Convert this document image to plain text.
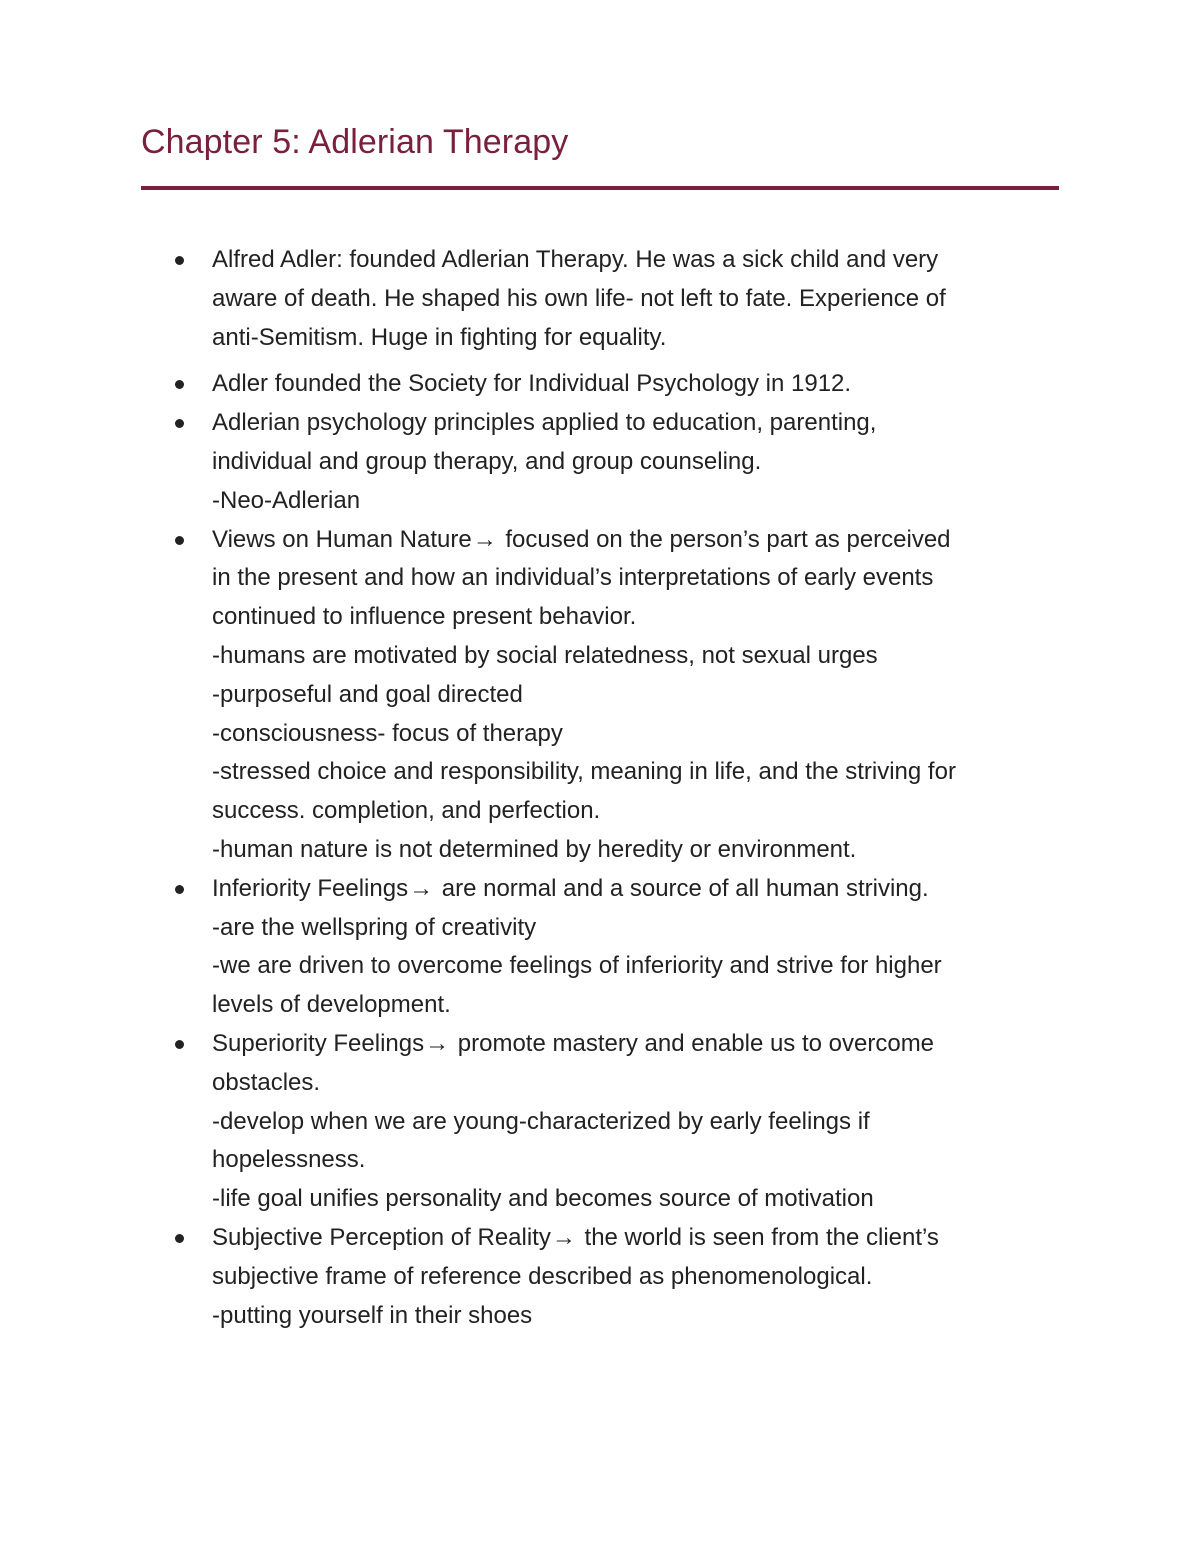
Chapter 5: Adlerian Therapy
Alfred Adler: founded Adlerian Therapy. He was a sick child and very
aware of death. He shaped his own life- not left to fate. Experience of
anti-Semitism. Huge in fighting for equality.
Adler founded the Society for Individual Psychology in 1912.
Adlerian psychology principles applied to education, parenting,
individual and group therapy, and group counseling.
-Neo-Adlerian
Views on Human Nature→ focused on the person’s part as perceived
in the present and how an individual’s interpretations of early events
continued to influence present behavior.
-humans are motivated by social relatedness, not sexual urges
-purposeful and goal directed
-consciousness- focus of therapy
-stressed choice and responsibility, meaning in life, and the striving for
success. completion, and perfection.
-human nature is not determined by heredity or environment.
Inferiority Feelings→ are normal and a source of all human striving.
-are the wellspring of creativity
-we are driven to overcome feelings of inferiority and strive for higher
levels of development.
Superiority Feelings→ promote mastery and enable us to overcome
obstacles.
-develop when we are young-characterized by early feelings if
hopelessness.
-life goal unifies personality and becomes source of motivation
Subjective Perception of Reality→ the world is seen from the client’s
subjective frame of reference described as phenomenological.
-putting yourself in their shoes
